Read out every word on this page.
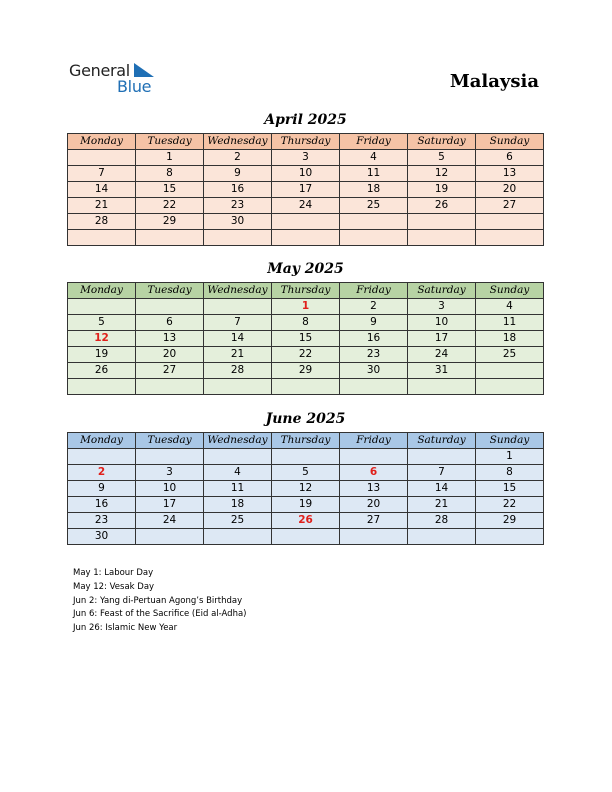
General
Blue	Malaysia
April 2025
Monday	Tuesday	Wednesday	Thursday	Friday	Saturday	Sunday
	1	2	3	4	5	6
7	8	9	10	11	12	13
14	15	16	17	18	19	20
21	22	23	24	25	26	27
28	29	30				

May 2025
Monday	Tuesday	Wednesday	Thursday	Friday	Saturday	Sunday
			1	2	3	4
5	6	7	8	9	10	11
12	13	14	15	16	17	18
19	20	21	22	23	24	25
26	27	28	29	30	31	

June 2025
Monday	Tuesday	Wednesday	Thursday	Friday	Saturday	Sunday
						1
2	3	4	5	6	7	8
9	10	11	12	13	14	15
16	17	18	19	20	21	22
23	24	25	26	27	28	29
30						
May 1: Labour Day
May 12: Vesak Day
Jun 2: Yang di-Pertuan Agong’s Birthday
Jun 6: Feast of the Sacrifice (Eid al-Adha)
Jun 26: Islamic New Year
